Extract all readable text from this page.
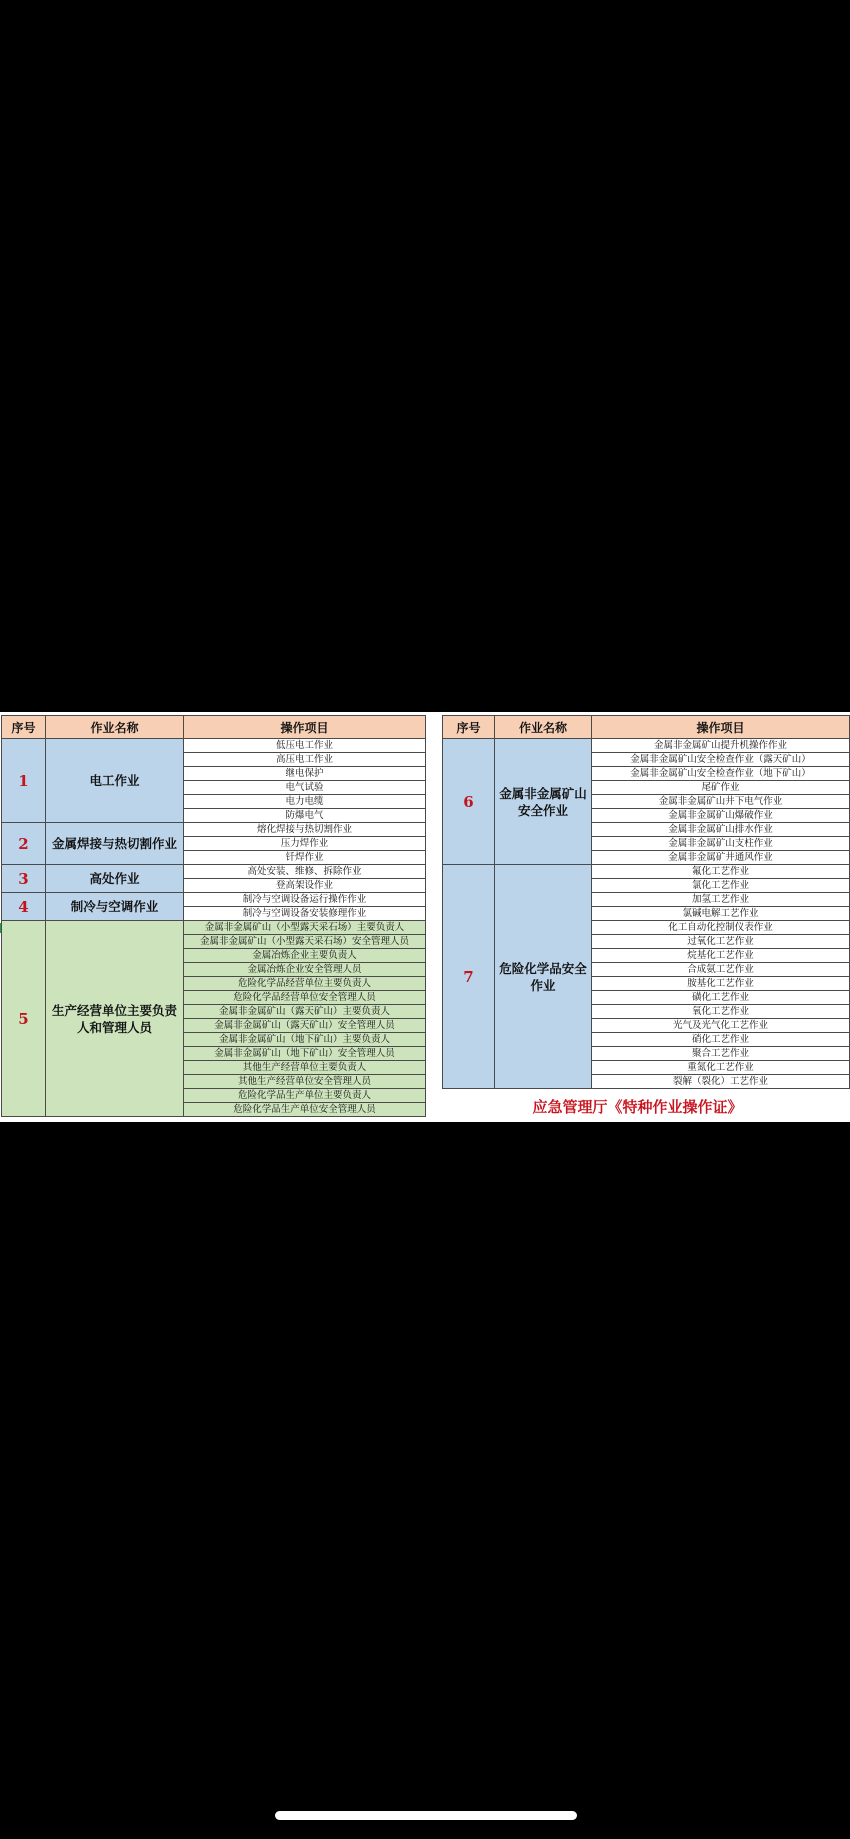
序号	作业名称	操作项目
1	电工作业	低压电工作业
		高压电工作业
		继电保护
		电气试验
		电力电缆
		防爆电气
2	金属焊接与热切割作业	熔化焊接与热切割作业
		压力焊作业
		钎焊作业
3	高处作业	高处安装、维修、拆除作业
		登高架设作业
4	制冷与空调作业	制冷与空调设备运行操作作业
		制冷与空调设备安装修理作业
5	生产经营单位主要负责人和管理人员	金属非金属矿山（小型露天采石场）主要负责人
		金属非金属矿山（小型露天采石场）安全管理人员
		金属冶炼企业主要负责人
		金属冶炼企业安全管理人员
		危险化学品经营单位主要负责人
		危险化学品经营单位安全管理人员
		金属非金属矿山（露天矿山）主要负责人
		金属非金属矿山（露天矿山）安全管理人员
		金属非金属矿山（地下矿山）主要负责人
		金属非金属矿山（地下矿山）安全管理人员
		其他生产经营单位主要负责人
		其他生产经营单位安全管理人员
		危险化学品生产单位主要负责人
		危险化学品生产单位安全管理人员
序号	作业名称	操作项目
6	金属非金属矿山安全作业	金属非金属矿山提升机操作作业
		金属非金属矿山安全检查作业（露天矿山）
		金属非金属矿山安全检查作业（地下矿山）
		尾矿作业
		金属非金属矿山井下电气作业
		金属非金属矿山爆破作业
		金属非金属矿山排水作业
		金属非金属矿山支柱作业
		金属非金属矿井通风作业
7	危险化学品安全作业	氟化工艺作业
		氯化工艺作业
		加氢工艺作业
		氯碱电解工艺作业
		化工自动化控制仪表作业
		过氧化工艺作业
		烷基化工艺作业
		合成氨工艺作业
		胺基化工艺作业
		磺化工艺作业
		氧化工艺作业
		光气及光气化工艺作业
		硝化工艺作业
		聚合工艺作业
		重氮化工艺作业
		裂解（裂化）工艺作业
应急管理厅《特种作业操作证》
